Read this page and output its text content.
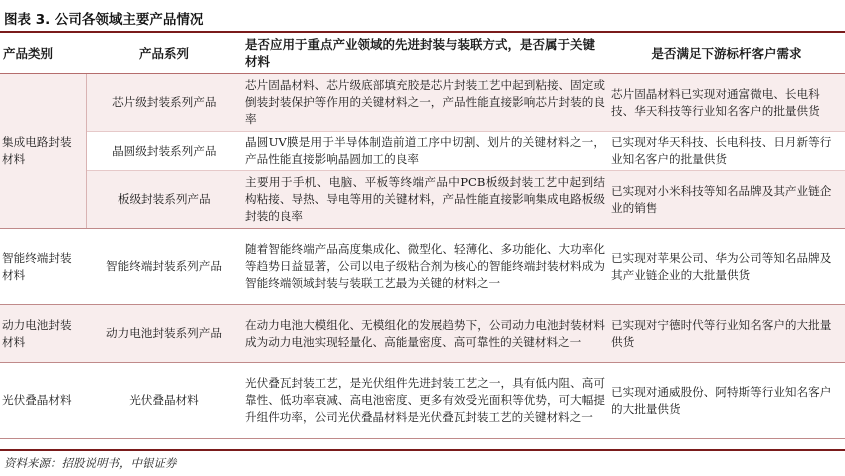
图表 3. 公司各领域主要产品情况
产品类别	产品系列	是否应用于重点产业领域的先进封装与装联方式，是否属于关键材料	是否满足下游标杆客户需求
集成电路封装材料	芯片级封装系列产品	芯片固晶材料、芯片级底部填充胶是芯片封装工艺中起到粘接、固定或倒装封装保护等作用的关键材料之一，产品性能直接影响芯片封装的良率	芯片固晶材料已实现对通富微电、长电科技、华天科技等行业知名客户的批量供货
	晶圆级封装系列产品	晶圆UV膜是用于半导体制造前道工序中切割、划片的关键材料之一，产品性能直接影响晶圆加工的良率	已实现对华天科技、长电科技、日月新等行业知名客户的批量供货
	板级封装系列产品	主要用于手机、电脑、平板等终端产品中PCB板级封装工艺中起到结构粘接、导热、导电等用的关键材料，产品性能直接影响集成电路板级封装的良率	已实现对小米科技等知名品牌及其产业链企业的销售
智能终端封装材料	智能终端封装系列产品	随着智能终端产品高度集成化、微型化、轻薄化、多功能化、大功率化等趋势日益显著，公司以电子级粘合剂为核心的智能终端封装材料成为智能终端领域封装与装联工艺最为关键的材料之一	已实现对苹果公司、华为公司等知名品牌及其产业链企业的大批量供货
动力电池封装材料	动力电池封装系列产品	在动力电池大模组化、无模组化的发展趋势下，公司动力电池封装材料成为动力电池实现轻量化、高能量密度、高可靠性的关键材料之一	已实现对宁德时代等行业知名客户的大批量供货
光伏叠晶材料	光伏叠晶材料	光伏叠瓦封装工艺，是光伏组件先进封装工艺之一，具有低内阻、高可靠性、低功率衰减、高电池密度、更多有效受光面积等优势，可大幅提升组件功率，公司光伏叠晶材料是光伏叠瓦封装工艺的关键材料之一	已实现对通威股份、阿特斯等行业知名客户的大批量供货
资料来源：招股说明书，中银证券
